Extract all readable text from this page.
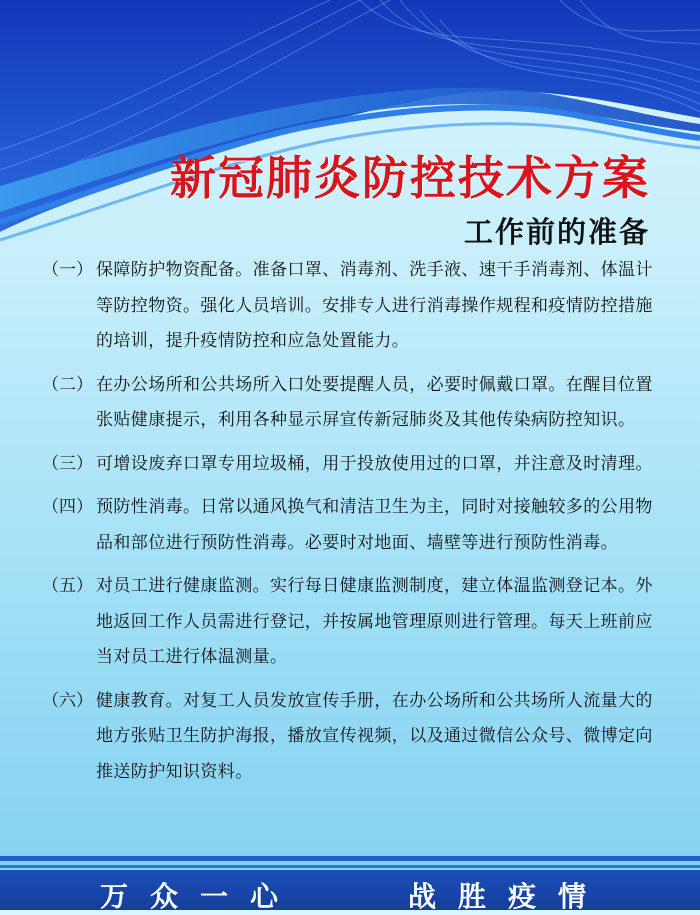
新冠肺炎防控技术方案
工作前的准备
（一） 保障防护物资配备。准备口罩、消毒剂、洗手液、速干手消毒剂、体温计等防控物资。强化人员培训。安排专人进行消毒操作规程和疫情防控措施的培训，提升疫情防控和应急处置能力。
（二） 在办公场所和公共场所入口处要提醒人员，必要时佩戴口罩。在醒目位置张贴健康提示，利用各种显示屏宣传新冠肺炎及其他传染病防控知识。
（三） 可增设废弃口罩专用垃圾桶，用于投放使用过的口罩，并注意及时清理。
（四） 预防性消毒。日常以通风换气和清洁卫生为主，同时对接触较多的公用物品和部位进行预防性消毒。必要时对地面、墙壁等进行预防性消毒。
（五） 对员工进行健康监测。实行每日健康监测制度，建立体温监测登记本。外地返回工作人员需进行登记，并按属地管理原则进行管理。每天上班前应当对员工进行体温测量。
（六） 健康教育。对复工人员发放宣传手册，在办公场所和公共场所人流量大的地方张贴卫生防护海报，播放宣传视频，以及通过微信公众号、微博定向推送防护知识资料。
万众一心	战胜疫情
